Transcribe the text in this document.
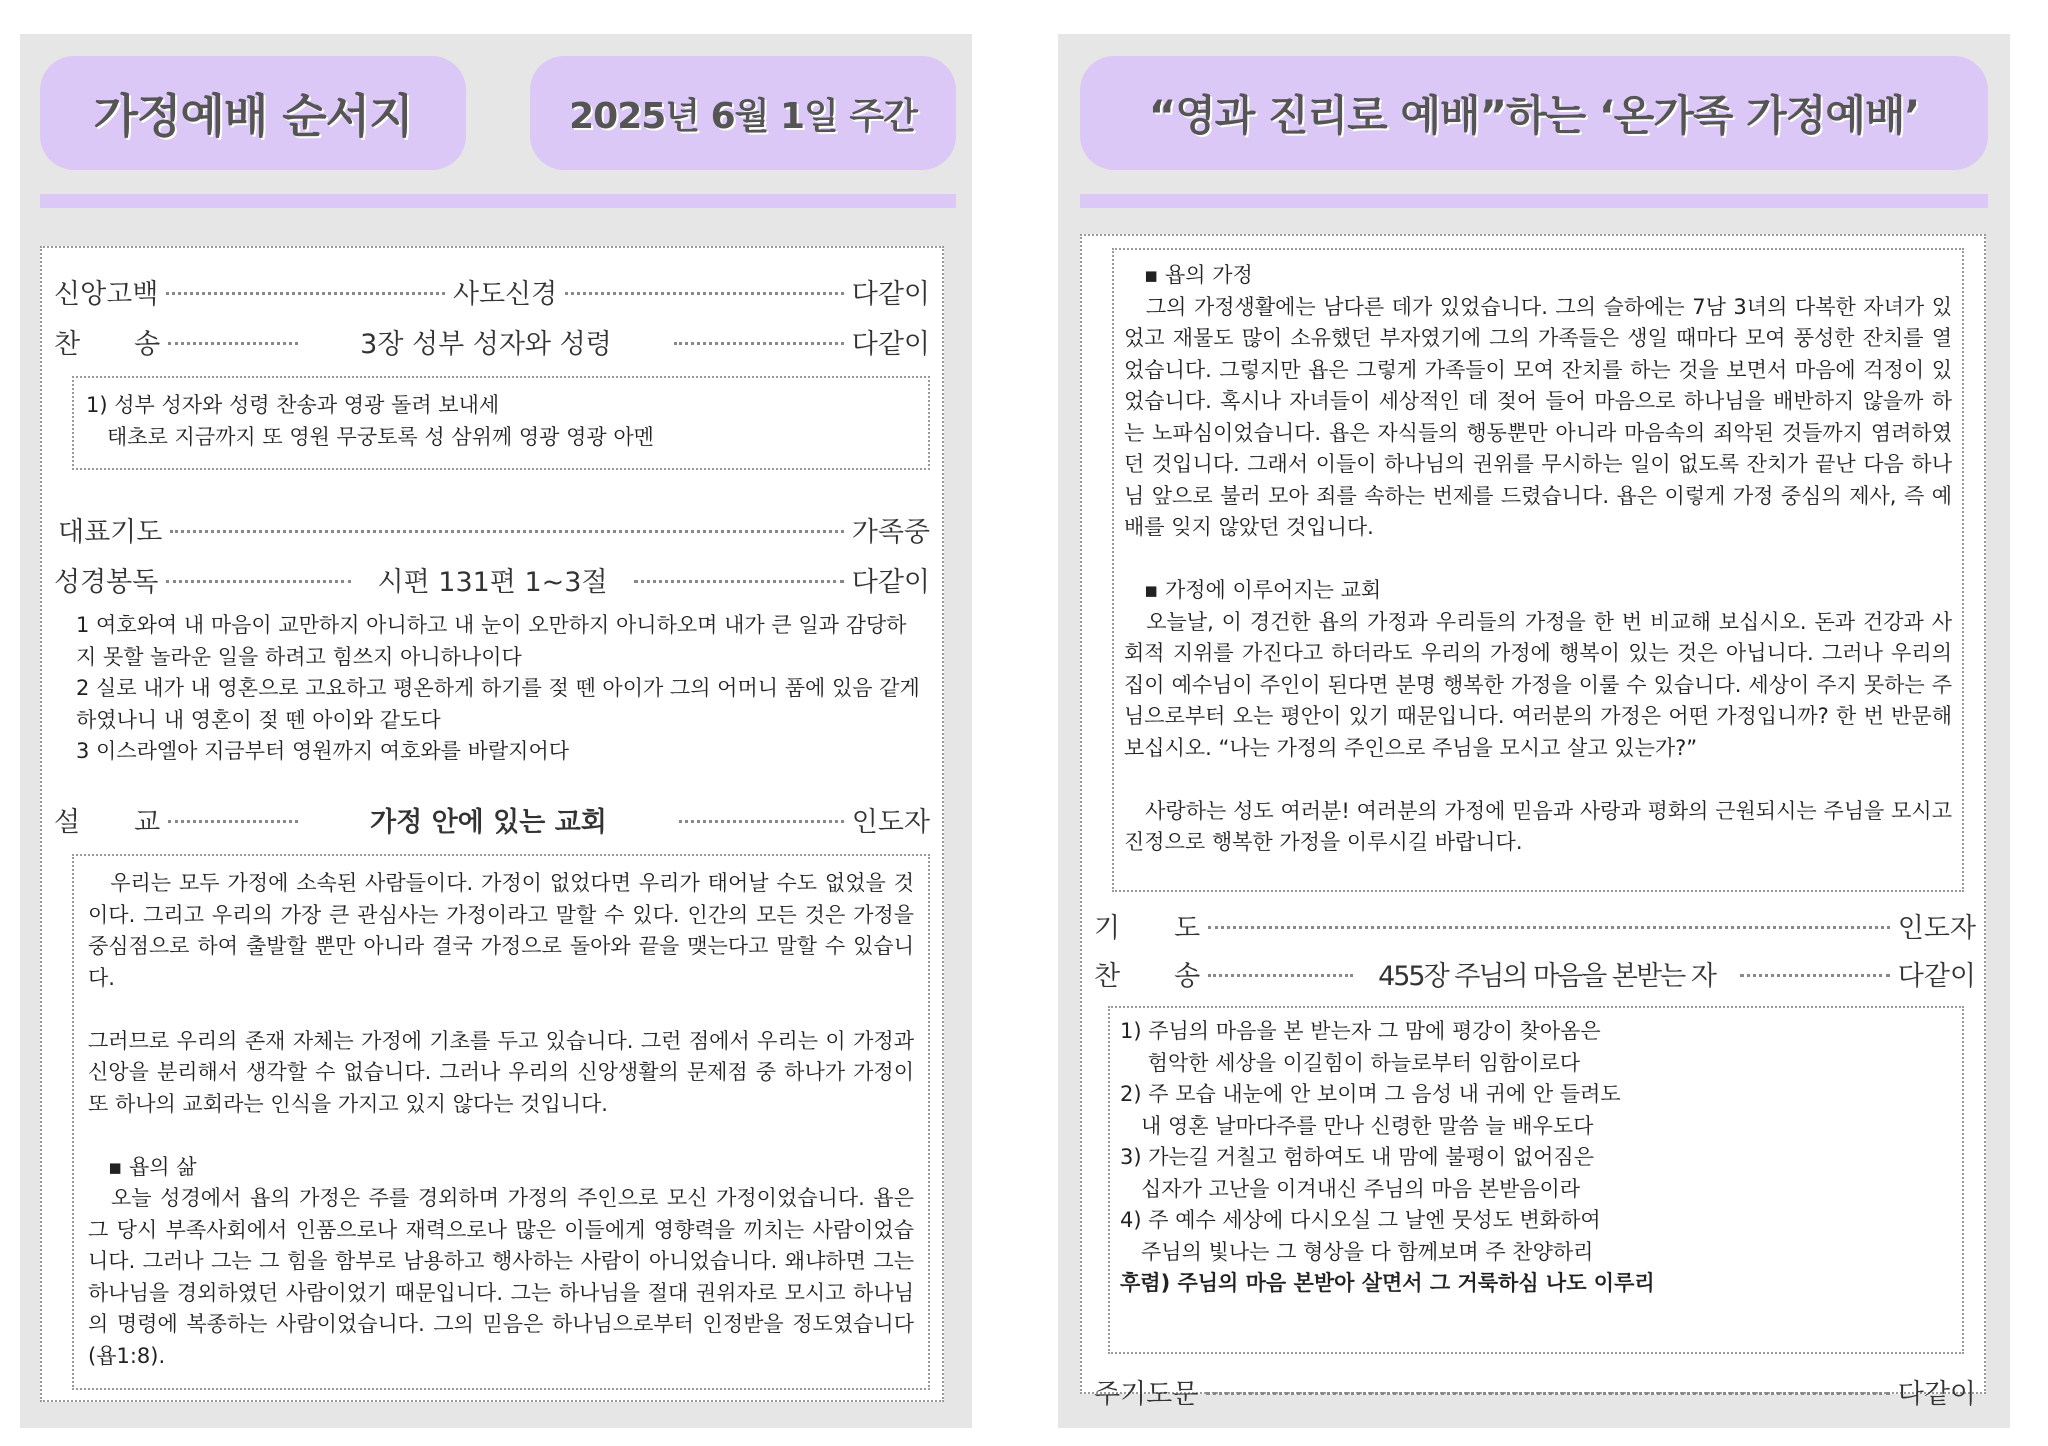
가정예배 순서지	2025년 6월 1일 주간
신앙고백	사도신경	다같이
찬　　송	3장 성부 성자와 성령	다같이

1) 성부 성자와 성령 찬송과 영광 돌려 보내세

　태초로 지금까지 또 영원 무궁토록 성 삼위께 영광 영광 아멘

대표기도	가족중
성경봉독	시편 131편 1~3절	다같이

1 여호와여 내 마음이 교만하지 아니하고 내 눈이 오만하지 아니하오며 내가 큰 일과 감당하지 못할 놀라운 일을 하려고 힘쓰지 아니하나이다

2 실로 내가 내 영혼으로 고요하고 평온하게 하기를 젖 뗀 아이가 그의 어머니 품에 있음 같게 하였나니 내 영혼이 젖 뗀 아이와 같도다

3 이스라엘아 지금부터 영원까지 여호와를 바랄지어다

설　　교	가정 안에 있는 교회	인도자

　우리는 모두 가정에 소속된 사람들이다. 가정이 없었다면 우리가 태어날 수도 없었을 것이다. 그리고 우리의 가장 큰 관심사는 가정이라고 말할 수 있다. 인간의 모든 것은 가정을 중심점으로 하여 출발할 뿐만 아니라 결국 가정으로 돌아와 끝을 맺는다고 말할 수 있습니다.

그러므로 우리의 존재 자체는 가정에 기초를 두고 있습니다. 그런 점에서 우리는 이 가정과 신앙을 분리해서 생각할 수 없습니다. 그러나 우리의 신앙생활의 문제점 중 하나가 가정이 또 하나의 교회라는 인식을 가지고 있지 않다는 것입니다.

▪ 욥의 삶

　오늘 성경에서 욥의 가정은 주를 경외하며 가정의 주인으로 모신 가정이었습니다. 욥은 그 당시 부족사회에서 인품으로나 재력으로나 많은 이들에게 영향력을 끼치는 사람이었습니다. 그러나 그는 그 힘을 함부로 남용하고 행사하는 사람이 아니었습니다. 왜냐하면 그는 하나님을 경외하였던 사람이었기 때문입니다. 그는 하나님을 절대 권위자로 모시고 하나님의 명령에 복종하는 사람이었습니다. 그의 믿음은 하나님으로부터 인정받을 정도였습니다(욥1:8).

“영과 진리로 예배”하는 ‘온가족 가정예배’

▪ 욥의 가정

　그의 가정생활에는 남다른 데가 있었습니다. 그의 슬하에는 7남 3녀의 다복한 자녀가 있었고 재물도 많이 소유했던 부자였기에 그의 가족들은 생일 때마다 모여 풍성한 잔치를 열었습니다. 그렇지만 욥은 그렇게 가족들이 모여 잔치를 하는 것을 보면서 마음에 걱정이 있었습니다. 혹시나 자녀들이 세상적인 데 젖어 들어 마음으로 하나님을 배반하지 않을까 하는 노파심이었습니다. 욥은 자식들의 행동뿐만 아니라 마음속의 죄악된 것들까지 염려하였던 것입니다. 그래서 이들이 하나님의 권위를 무시하는 일이 없도록 잔치가 끝난 다음 하나님 앞으로 불러 모아 죄를 속하는 번제를 드렸습니다. 욥은 이렇게 가정 중심의 제사, 즉 예배를 잊지 않았던 것입니다.

▪ 가정에 이루어지는 교회

　오늘날, 이 경건한 욥의 가정과 우리들의 가정을 한 번 비교해 보십시오. 돈과 건강과 사회적 지위를 가진다고 하더라도 우리의 가정에 행복이 있는 것은 아닙니다. 그러나 우리의 집이 예수님이 주인이 된다면 분명 행복한 가정을 이룰 수 있습니다. 세상이 주지 못하는 주님으로부터 오는 평안이 있기 때문입니다. 여러분의 가정은 어떤 가정입니까? 한 번 반문해 보십시오. “나는 가정의 주인으로 주님을 모시고 살고 있는가?”

　사랑하는 성도 여러분! 여러분의 가정에 믿음과 사랑과 평화의 근원되시는 주님을 모시고 진정으로 행복한 가정을 이루시길 바랍니다.

기　　도	인도자
찬　　송	455장 주님의 마음을 본받는 자	다같이

1) 주님의 마음을 본 받는자 그 맘에 평강이 찾아옴은

　 험악한 세상을 이길힘이 하늘로부터 임함이로다

2) 주 모습 내눈에 안 보이며 그 음성 내 귀에 안 들려도

　내 영혼 날마다주를 만나 신령한 말씀 늘 배우도다

3) 가는길 거칠고 험하여도 내 맘에 불평이 없어짐은

　십자가 고난을 이겨내신 주님의 마음 본받음이라

4) 주 예수 세상에 다시오실 그 날엔 뭇성도 변화하여

　주님의 빛나는 그 형상을 다 함께보며 주 찬양하리

후렴) 주님의 마음 본받아 살면서 그 거룩하심 나도 이루리

주기도문	다같이
